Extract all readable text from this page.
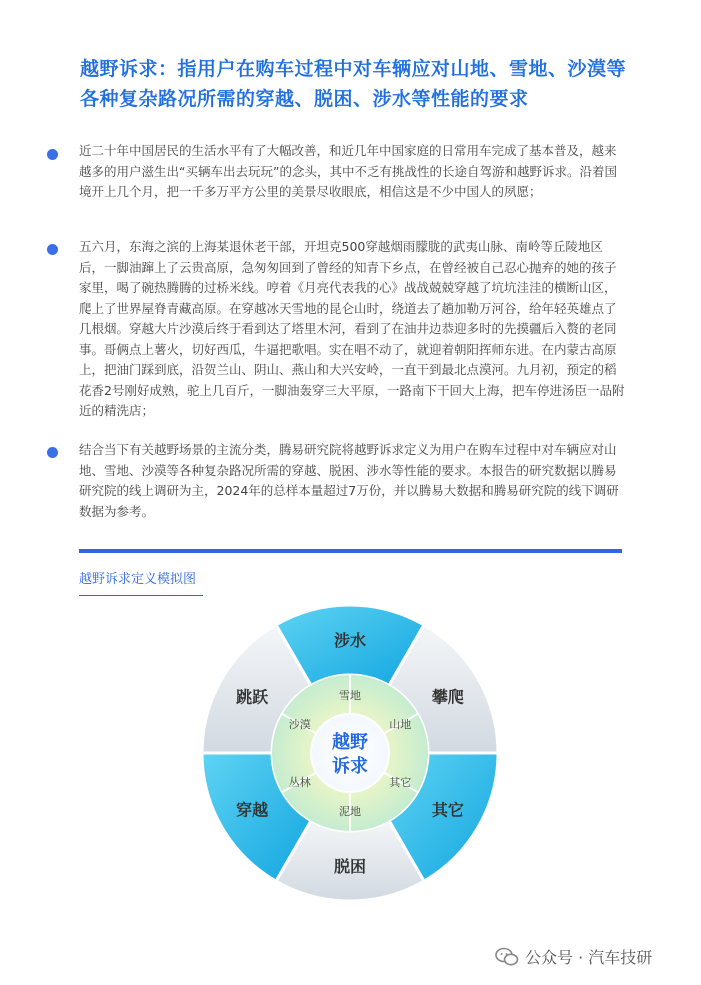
越野诉求：指用户在购车过程中对车辆应对山地、雪地、沙漠等各种复杂路况所需的穿越、脱困、涉水等性能的要求
近二十年中国居民的生活水平有了大幅改善，和近几年中国家庭的日常用车完成了基本普及，越来越多的用户滋生出“买辆车出去玩玩”的念头，其中不乏有挑战性的长途自驾游和越野诉求。沿着国境开上几个月，把一千多万平方公里的美景尽收眼底，相信这是不少中国人的夙愿；
五六月，东海之滨的上海某退休老干部，开坦克500穿越烟雨朦胧的武夷山脉、南岭等丘陵地区后，一脚油蹿上了云贵高原，急匆匆回到了曾经的知青下乡点，在曾经被自己忍心抛弃的她的孩子家里，喝了碗热腾腾的过桥米线。哼着《月亮代表我的心》战战兢兢穿越了坑坑洼洼的横断山区，爬上了世界屋脊青藏高原。在穿越冰天雪地的昆仑山时，绕道去了趟加勒万河谷，给年轻英雄点了几根烟。穿越大片沙漠后终于看到达了塔里木河，看到了在油井边恭迎多时的先摸疆后入赘的老同事。哥俩点上薯火，切好西瓜，牛逼把歌唱。实在唱不动了，就迎着朝阳挥师东进。在内蒙古高原上，把油门踩到底，沿贺兰山、阴山、燕山和大兴安岭，一直干到最北点漠河。九月初，预定的稻花香2号刚好成熟，驼上几百斤，一脚油轰穿三大平原，一路南下干回大上海，把车停进汤臣一品附近的精洗店；
结合当下有关越野场景的主流分类，腾易研究院将越野诉求定义为用户在购车过程中对车辆应对山地、雪地、沙漠等各种复杂路况所需的穿越、脱困、涉水等性能的要求。本报告的研究数据以腾易研究院的线上调研为主，2024年的总样本量超过7万份，并以腾易大数据和腾易研究院的线下调研数据为参考。
越野诉求定义模拟图
涉水
攀爬
其它
脱困
穿越
跳跃	雪地
山地
其它
泥地
丛林
沙漠
越野
诉求
公众号 · 汽车技研
